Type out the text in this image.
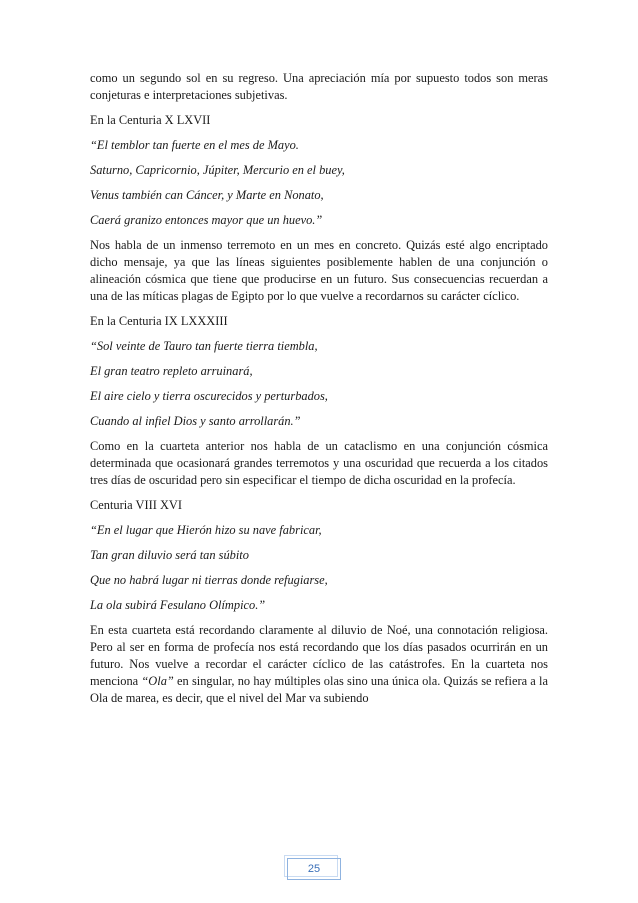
como un segundo sol en su regreso. Una apreciación mía por supuesto todos son meras conjeturas e interpretaciones subjetivas.

En la Centuria X LXVII

“El temblor tan fuerte en el mes de Mayo.

Saturno, Capricornio, Júpiter, Mercurio en el buey,

Venus también can Cáncer, y Marte en Nonato,

Caerá granizo entonces mayor que un huevo.”

Nos habla de un inmenso terremoto en un mes en concreto. Quizás esté algo encriptado dicho mensaje, ya que las líneas siguientes posiblemente hablen de una conjunción o alineación cósmica que tiene que producirse en un futuro. Sus consecuencias recuerdan a una de las míticas plagas de Egipto por lo que vuelve a recordarnos su carácter cíclico.

En la Centuria IX LXXXIII

“Sol veinte de Tauro tan fuerte tierra tiembla,

El gran teatro repleto arruinará,

El aire cielo y tierra oscurecidos y perturbados,

Cuando al infiel Dios y santo arrollarán.”

Como en la cuarteta anterior nos habla de un cataclismo en una conjunción cósmica determinada que ocasionará grandes terremotos y una oscuridad que recuerda a los citados tres días de oscuridad pero sin especificar el tiempo de dicha oscuridad en la profecía.

Centuria VIII XVI

“En el lugar que Hierón hizo su nave fabricar,

Tan gran diluvio será tan súbito

Que no habrá lugar ni tierras donde refugiarse,

La ola subirá Fesulano Olímpico.”

En esta cuarteta está recordando claramente al diluvio de Noé, una connotación religiosa. Pero al ser en forma de profecía nos está recordando que los días pasados ocurrirán en un futuro. Nos vuelve a recordar el carácter cíclico de las catástrofes. En la cuarteta nos menciona “Ola” en singular, no hay múltiples olas sino una única ola. Quizás se refiera a la Ola de marea, es decir, que el nivel del Mar va subiendo

25
